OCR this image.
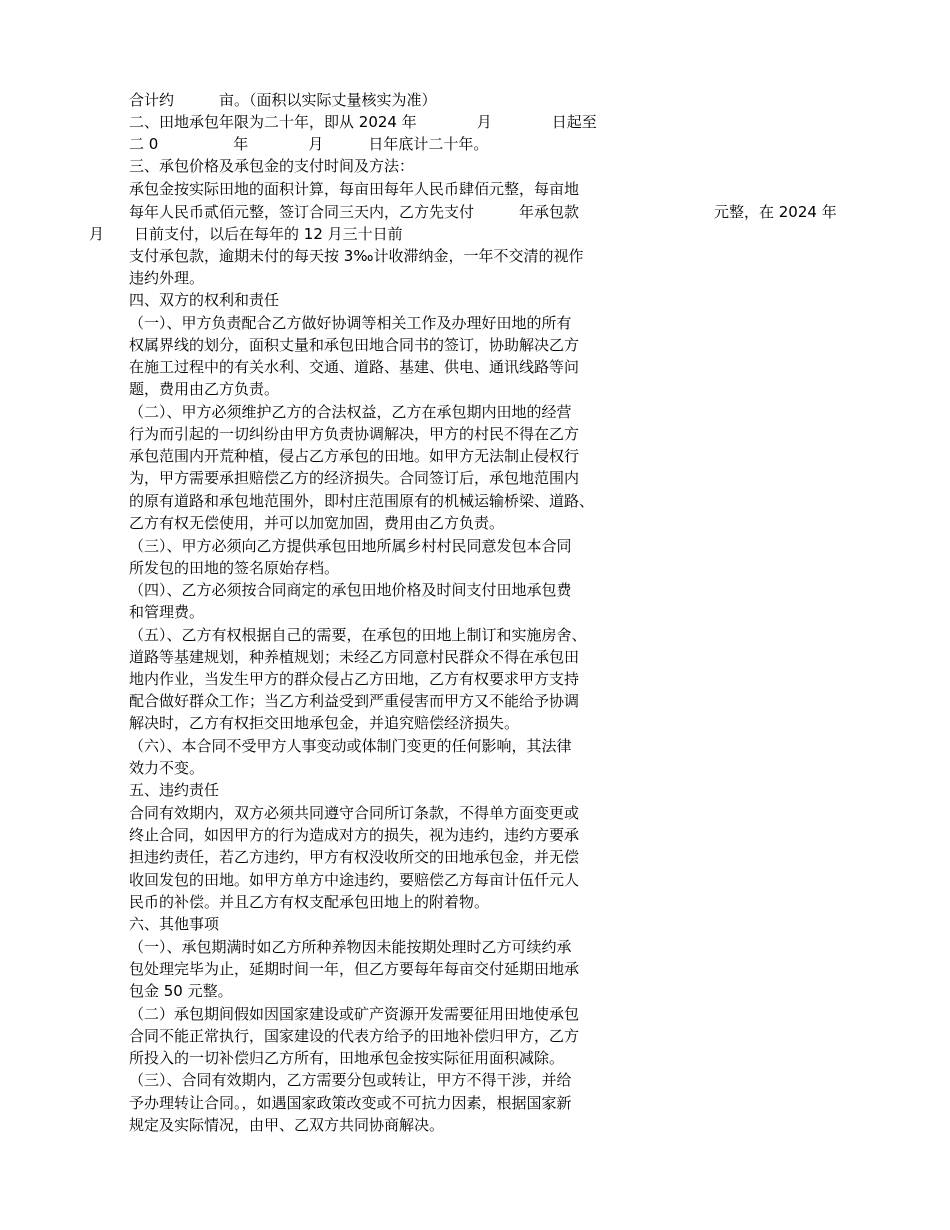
合计约　　　亩。（面积以实际丈量核实为准）
二、田地承包年限为二十年，即从 2024 年　　　　月　　　　日起至
二 0　　　　　年　　　　月　　　日年底计二十年。
三、承包价格及承包金的支付时间及方法：
承包金按实际田地的面积计算，每亩田每年人民币肆佰元整，每亩地

每年人民币贰佰元整，签订合同三天内，乙方先支付　　　年承包款

	元整，在 2024 年

月　　日前支付，以后在每年的 12 月三十日前
支付承包款，逾期未付的每天按 3‰计收滞纳金，一年不交清的视作
违约外理。
四、双方的权利和责任
（一）、甲方负责配合乙方做好协调等相关工作及办理好田地的所有
权属界线的划分，面积丈量和承包田地合同书的签订，协助解决乙方
在施工过程中的有关水利、交通、道路、基建、供电、通讯线路等问
题，费用由乙方负责。
（二）、甲方必须维护乙方的合法权益，乙方在承包期内田地的经营
行为而引起的一切纠纷由甲方负责协调解决，甲方的村民不得在乙方
承包范围内开荒种植，侵占乙方承包的田地。如甲方无法制止侵权行
为，甲方需要承担赔偿乙方的经济损失。合同签订后，承包地范围内
的原有道路和承包地范围外，即村庄范围原有的机械运输桥梁、道路、
乙方有权无偿使用，并可以加宽加固，费用由乙方负责。
（三）、甲方必须向乙方提供承包田地所属乡村村民同意发包本合同
所发包的田地的签名原始存档。
（四）、乙方必须按合同商定的承包田地价格及时间支付田地承包费
和管理费。
（五）、乙方有权根据自己的需要，在承包的田地上制订和实施房舍、
道路等基建规划，种养植规划；未经乙方同意村民群众不得在承包田
地内作业，当发生甲方的群众侵占乙方田地，乙方有权要求甲方支持
配合做好群众工作；当乙方利益受到严重侵害而甲方又不能给予协调
解决时，乙方有权拒交田地承包金，并追究赔偿经济损失。
（六）、本合同不受甲方人事变动或体制门变更的任何影响，其法律
效力不变。
五、违约责任
合同有效期内，双方必须共同遵守合同所订条款，不得单方面变更或
终止合同，如因甲方的行为造成对方的损失，视为违约，违约方要承
担违约责任，若乙方违约，甲方有权没收所交的田地承包金，并无偿
收回发包的田地。如甲方单方中途违约，要赔偿乙方每亩计伍仟元人
民币的补偿。并且乙方有权支配承包田地上的附着物。
六、其他事项
（一）、承包期满时如乙方所种养物因未能按期处理时乙方可续约承
包处理完毕为止，延期时间一年，但乙方要每年每亩交付延期田地承
包金 50 元整。
（二）承包期间假如因国家建设或矿产资源开发需要征用田地使承包
合同不能正常执行，国家建设的代表方给予的田地补偿归甲方，乙方
所投入的一切补偿归乙方所有，田地承包金按实际征用面积减除。
（三）、合同有效期内，乙方需要分包或转让，甲方不得干涉，并给
予办理转让合同。，如遇国家政策改变或不可抗力因素，根据国家新
规定及实际情况，由甲、乙双方共同协商解决。
